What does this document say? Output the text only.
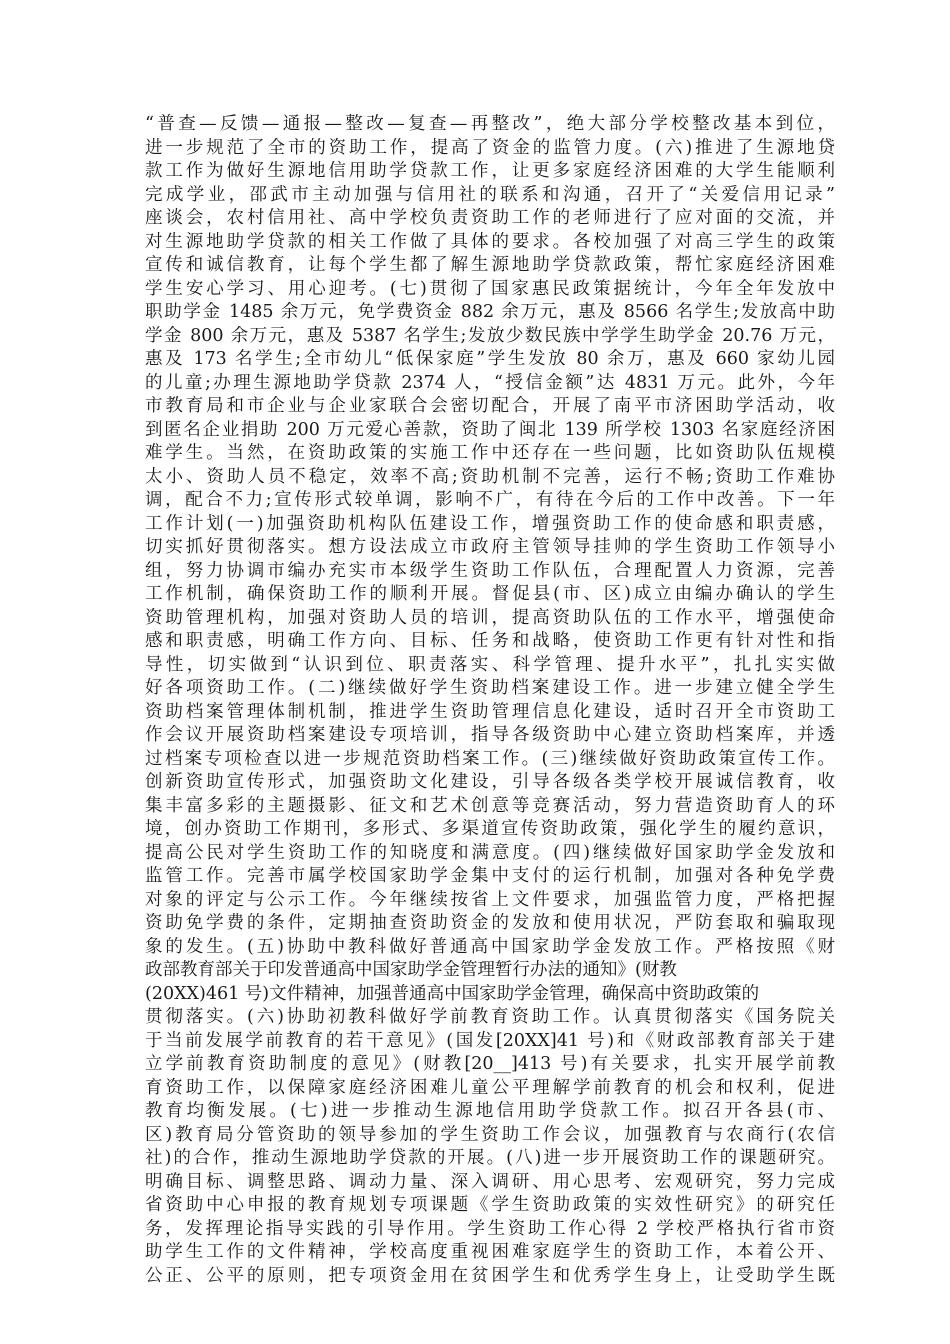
“普查—反馈—通报—整改—复查—再整改”，绝大部分学校整改基本到位，
进一步规范了全市的资助工作，提高了资金的监管力度。(六)推进了生源地贷
款工作为做好生源地信用助学贷款工作，让更多家庭经济困难的大学生能顺利
完成学业，邵武市主动加强与信用社的联系和沟通，召开了“关爱信用记录”
座谈会，农村信用社、高中学校负责资助工作的老师进行了应对面的交流，并
对生源地助学贷款的相关工作做了具体的要求。各校加强了对高三学生的政策
宣传和诚信教育，让每个学生都了解生源地助学贷款政策，帮忙家庭经济困难
学生安心学习、用心迎考。(七)贯彻了国家惠民政策据统计，今年全年发放中
职助学金 1485 余万元，免学费资金 882 余万元，惠及 8566 名学生;发放高中助
学金 800 余万元，惠及 5387 名学生;发放少数民族中学学生助学金 20.76 万元，
惠及 173 名学生;全市幼儿“低保家庭”学生发放 80 余万，惠及 660 家幼儿园
的儿童;办理生源地助学贷款 2374 人，“授信金额”达 4831 万元。此外，今年
市教育局和市企业与企业家联合会密切配合，开展了南平市济困助学活动，收
到匿名企业捐助 200 万元爱心善款，资助了闽北 139 所学校 1303 名家庭经济困
难学生。当然，在资助政策的实施工作中还存在一些问题，比如资助队伍规模
太小、资助人员不稳定，效率不高;资助机制不完善，运行不畅;资助工作难协
调，配合不力;宣传形式较单调，影响不广，有待在今后的工作中改善。下一年
工作计划(一)加强资助机构队伍建设工作，增强资助工作的使命感和职责感，
切实抓好贯彻落实。想方设法成立市政府主管领导挂帅的学生资助工作领导小
组，努力协调市编办充实市本级学生资助工作队伍，合理配置人力资源，完善
工作机制，确保资助工作的顺利开展。督促县(市、区)成立由编办确认的学生
资助管理机构，加强对资助人员的培训，提高资助队伍的工作水平，增强使命
感和职责感，明确工作方向、目标、任务和战略，使资助工作更有针对性和指
导性，切实做到“认识到位、职责落实、科学管理、提升水平”，扎扎实实做
好各项资助工作。(二)继续做好学生资助档案建设工作。进一步建立健全学生
资助档案管理体制机制，推进学生资助管理信息化建设，适时召开全市资助工
作会议开展资助档案建设专项培训，指导各级资助中心建立资助档案库，并透
过档案专项检查以进一步规范资助档案工作。(三)继续做好资助政策宣传工作。
创新资助宣传形式，加强资助文化建设，引导各级各类学校开展诚信教育，收
集丰富多彩的主题摄影、征文和艺术创意等竞赛活动，努力营造资助育人的环
境，创办资助工作期刊，多形式、多渠道宣传资助政策，强化学生的履约意识，
提高公民对学生资助工作的知晓度和满意度。(四)继续做好国家助学金发放和
监管工作。完善市属学校国家助学金集中支付的运行机制，加强对各种免学费
对象的评定与公示工作。今年继续按省上文件要求，加强监管力度，严格把握
资助免学费的条件，定期抽查资助资金的发放和使用状况，严防套取和骗取现
象的发生。(五)协助中教科做好普通高中国家助学金发放工作。严格按照《财
政部教育部关于印发普通高中国家助学金管理暂行办法的通知》(财教
(20XX)461 号)文件精神，加强普通高中国家助学金管理，确保高中资助政策的
贯彻落实。(六)协助初教科做好学前教育资助工作。认真贯彻落实《国务院关
于当前发展学前教育的若干意见》(国发[20XX]41 号)和《财政部教育部关于建
立学前教育资助制度的意见》(财教[20__]413 号)有关要求，扎实开展学前教
育资助工作，以保障家庭经济困难儿童公平理解学前教育的机会和权利，促进
教育均衡发展。(七)进一步推动生源地信用助学贷款工作。拟召开各县(市、
区)教育局分管资助的领导参加的学生资助工作会议，加强教育与农商行(农信
社)的合作，推动生源地助学贷款的开展。(八)进一步开展资助工作的课题研究。
明确目标、调整思路、调动力量、深入调研、用心思考、宏观研究，努力完成
省资助中心申报的教育规划专项课题《学生资助政策的实效性研究》的研究任
务，发挥理论指导实践的引导作用。学生资助工作心得 2 学校严格执行省市资
助学生工作的文件精神，学校高度重视困难家庭学生的资助工作，本着公开、
公正、公平的原则，把专项资金用在贫困学生和优秀学生身上，让受助学生既
